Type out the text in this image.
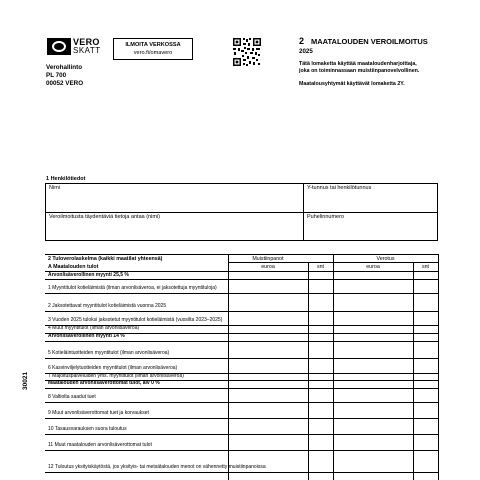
VERO
SKATT
ILMOITA VERKOSSA
vero.fi/omavero
Verohallinto
PL 700
00052 VERO
2 MAATALOUDEN VEROILMOITUS
2025
Tätä lomaketta käyttää maataloudenharjoittaja,
joka on toiminnassaan muistiinpanovelvollinen.
Maatalousyhtymät käyttävät lomaketta 2Y.
1 Henkilötiedot
Nimi	Y-tunnus tai henkilötunnus
Veroilmoitusta täydentäviä tietoja antaa (nimi)	Puhelinnumero
2 Tuloverolaskelma (kaikki maatilat yhteensä)	Muistiinpanot	Verotus
A Maatalouden tulot	euroa	snt	euroa	snt
Arvonlisäverollinen myynti 25,5 %
1 Myyntitulot kotieläimistä (ilman arvonlisäveroa, ei jaksotettuja myyntituloja)
2 Jaksotettavat myyntitulot kotieläimistä vuonna 2025
3 Vuoden 2025 tuloksi jaksotetut myyntitulot kotieläimistä (vuosilta 2023–2025)
4 Muut myyntitulot (ilman arvonlisäveroa)
Arvonlisäverollinen myynti 14 %
5 Kotieläintuotteiden myyntitulot (ilman arvonlisäveroa)
6 Kasvinviljelytuotteiden myyntitulot (ilman arvonlisäveroa)
7 Majoituspalveluiden yms. myyntitulot (ilman arvonlisäveroa)
Maatalouden arvonlisäverottomat tulot, alv 0 %
8 Valtiolta saadut tuet
9 Muut arvonlisäverottomat tuet ja korvaukset
10 Tasausvarauksen suora tuloutus
11 Muut maatalouden arvonlisäverottomat tulot
12 Tuloutus yksityiskäytöstä, jos yksityis- tai metsätalouden menot on vähennetty muistiinpanoissa
30021
